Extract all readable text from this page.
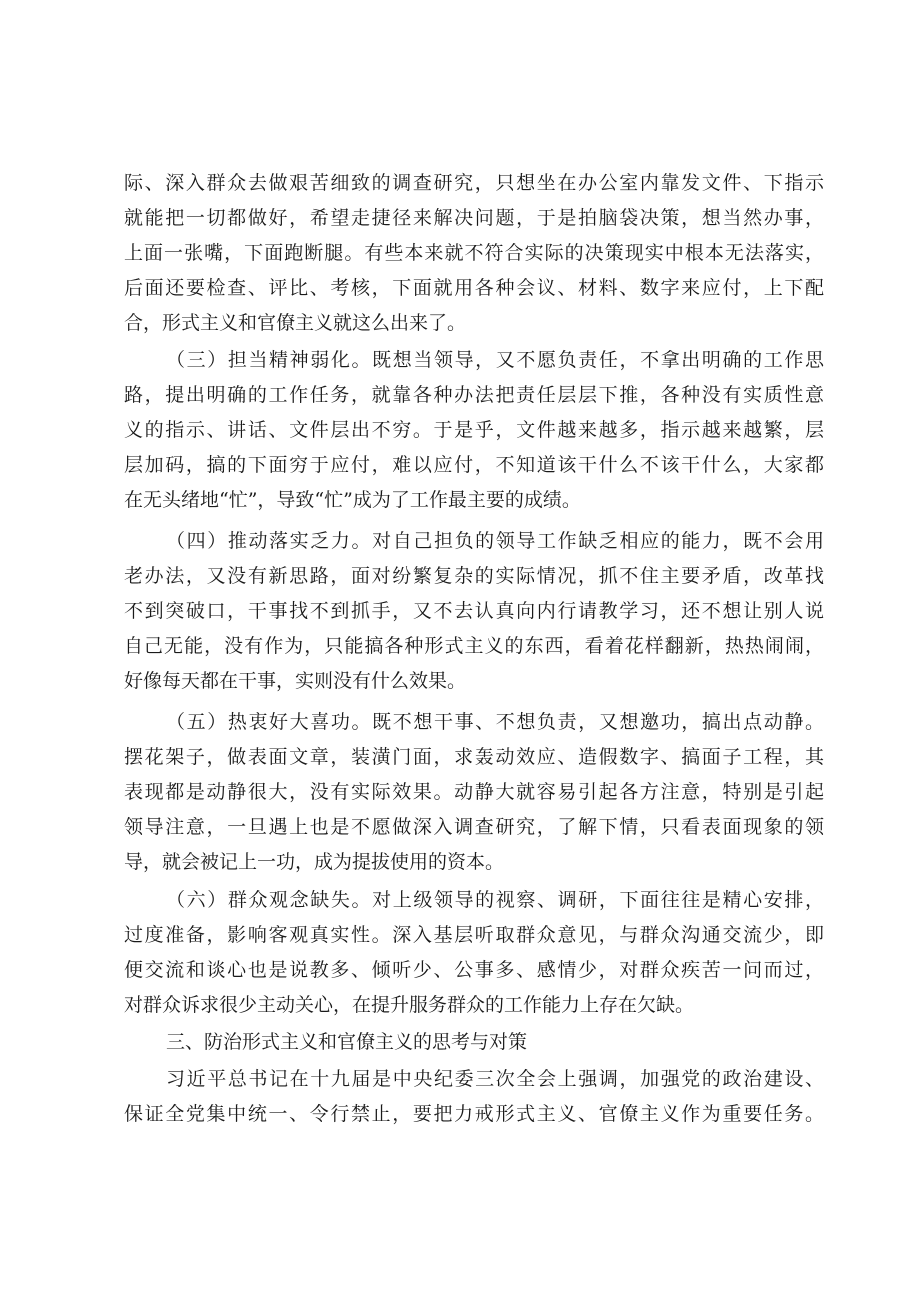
际、深入群众去做艰苦细致的调查研究，只想坐在办公室内靠发文件、下指示
就能把一切都做好，希望走捷径来解决问题，于是拍脑袋决策，想当然办事，
上面一张嘴，下面跑断腿。有些本来就不符合实际的决策现实中根本无法落实，
后面还要检查、评比、考核，下面就用各种会议、材料、数字来应付，上下配
合，形式主义和官僚主义就这么出来了。
（三）担当精神弱化。既想当领导，又不愿负责任，不拿出明确的工作思
路，提出明确的工作任务，就靠各种办法把责任层层下推，各种没有实质性意
义的指示、讲话、文件层出不穷。于是乎，文件越来越多，指示越来越繁，层
层加码，搞的下面穷于应付，难以应付，不知道该干什么不该干什么，大家都
在无头绪地“忙”，导致“忙”成为了工作最主要的成绩。
（四）推动落实乏力。对自己担负的领导工作缺乏相应的能力，既不会用
老办法，又没有新思路，面对纷繁复杂的实际情况，抓不住主要矛盾，改革找
不到突破口，干事找不到抓手，又不去认真向内行请教学习，还不想让别人说
自己无能，没有作为，只能搞各种形式主义的东西，看着花样翻新，热热闹闹，
好像每天都在干事，实则没有什么效果。
（五）热衷好大喜功。既不想干事、不想负责，又想邀功，搞出点动静。
摆花架子，做表面文章，装潢门面，求轰动效应、造假数字、搞面子工程，其
表现都是动静很大，没有实际效果。动静大就容易引起各方注意，特别是引起
领导注意，一旦遇上也是不愿做深入调查研究，了解下情，只看表面现象的领
导，就会被记上一功，成为提拔使用的资本。
（六）群众观念缺失。对上级领导的视察、调研，下面往往是精心安排，
过度准备，影响客观真实性。深入基层听取群众意见，与群众沟通交流少，即
便交流和谈心也是说教多、倾听少、公事多、感情少，对群众疾苦一问而过，
对群众诉求很少主动关心，在提升服务群众的工作能力上存在欠缺。
三、防治形式主义和官僚主义的思考与对策
习近平总书记在十九届是中央纪委三次全会上强调，加强党的政治建设、
保证全党集中统一、令行禁止，要把力戒形式主义、官僚主义作为重要任务。
